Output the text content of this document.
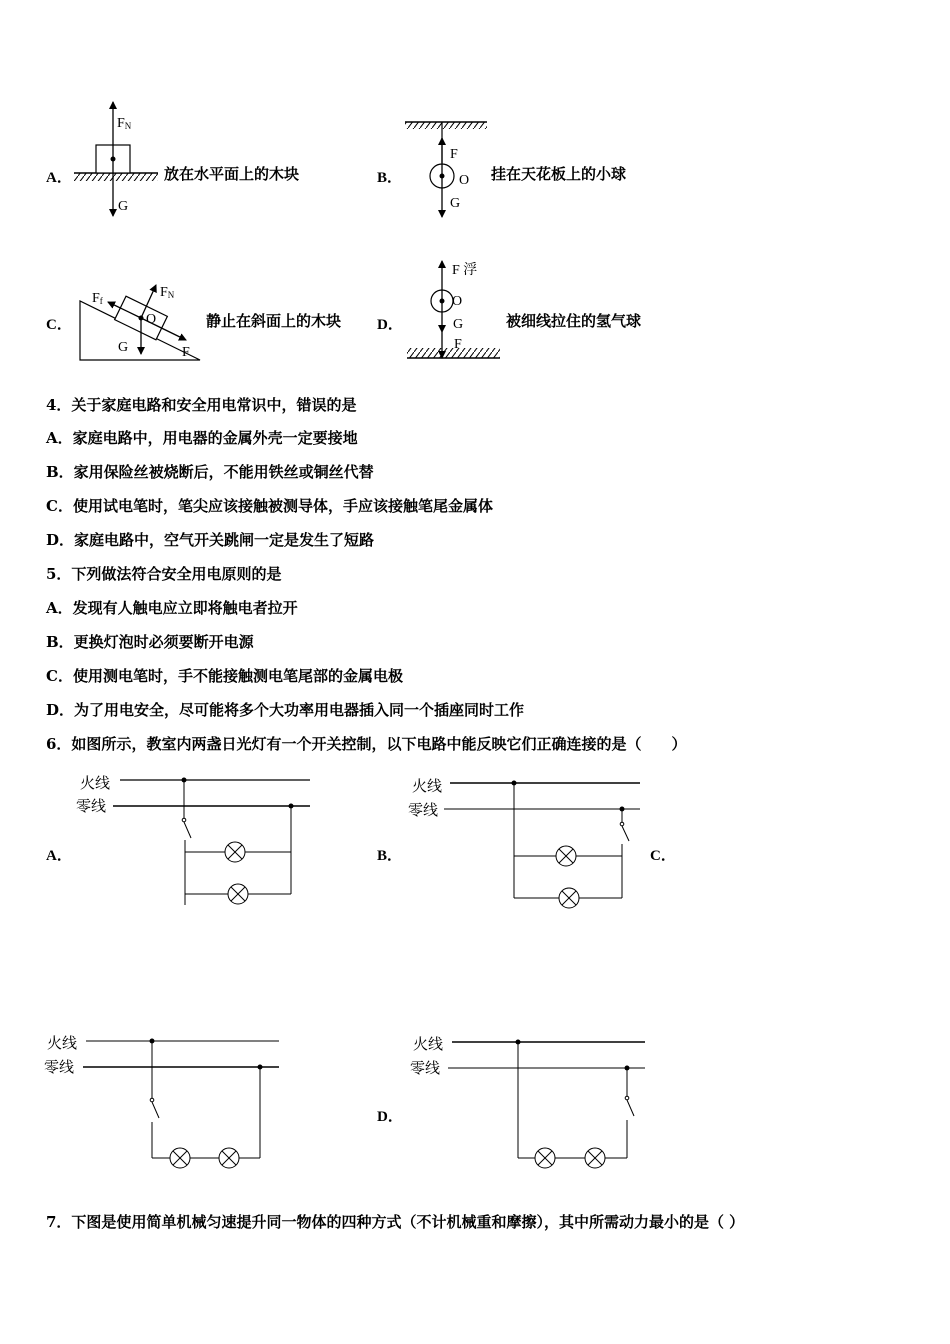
FN
G
F
O
G
FN
Ff
O
G	F
F 浮
O
G
F
火线
零线
火线
零线
火线
零线
火线
零线
A．	放在水平面上的木块	B．	挂在天花板上的小球
C．	静止在斜面上的木块 D．	被细线拉住的氢气球
4．关于家庭电路和安全用电常识中，错误的是
A．家庭电路中，用电器的金属外壳一定要接地
B．家用保险丝被烧断后，不能用铁丝或铜丝代替
C．使用试电笔时，笔尖应该接触被测导体，手应该接触笔尾金属体
D．家庭电路中，空气开关跳闸一定是发生了短路
5．下列做法符合安全用电原则的是
A．发现有人触电应立即将触电者拉开
B．更换灯泡时必须要断开电源
C．使用测电笔时，手不能接触测电笔尾部的金属电极
D．为了用电安全，尽可能将多个大功率用电器插入同一个插座同时工作
6．如图所示，教室内两盏日光灯有一个开关控制，以下电路中能反映它们正确连接的是（　　）
A．	B．	C．
D．
7．下图是使用简单机械匀速提升同一物体的四种方式（不计机械重和摩擦），其中所需动力最小的是（ ）
